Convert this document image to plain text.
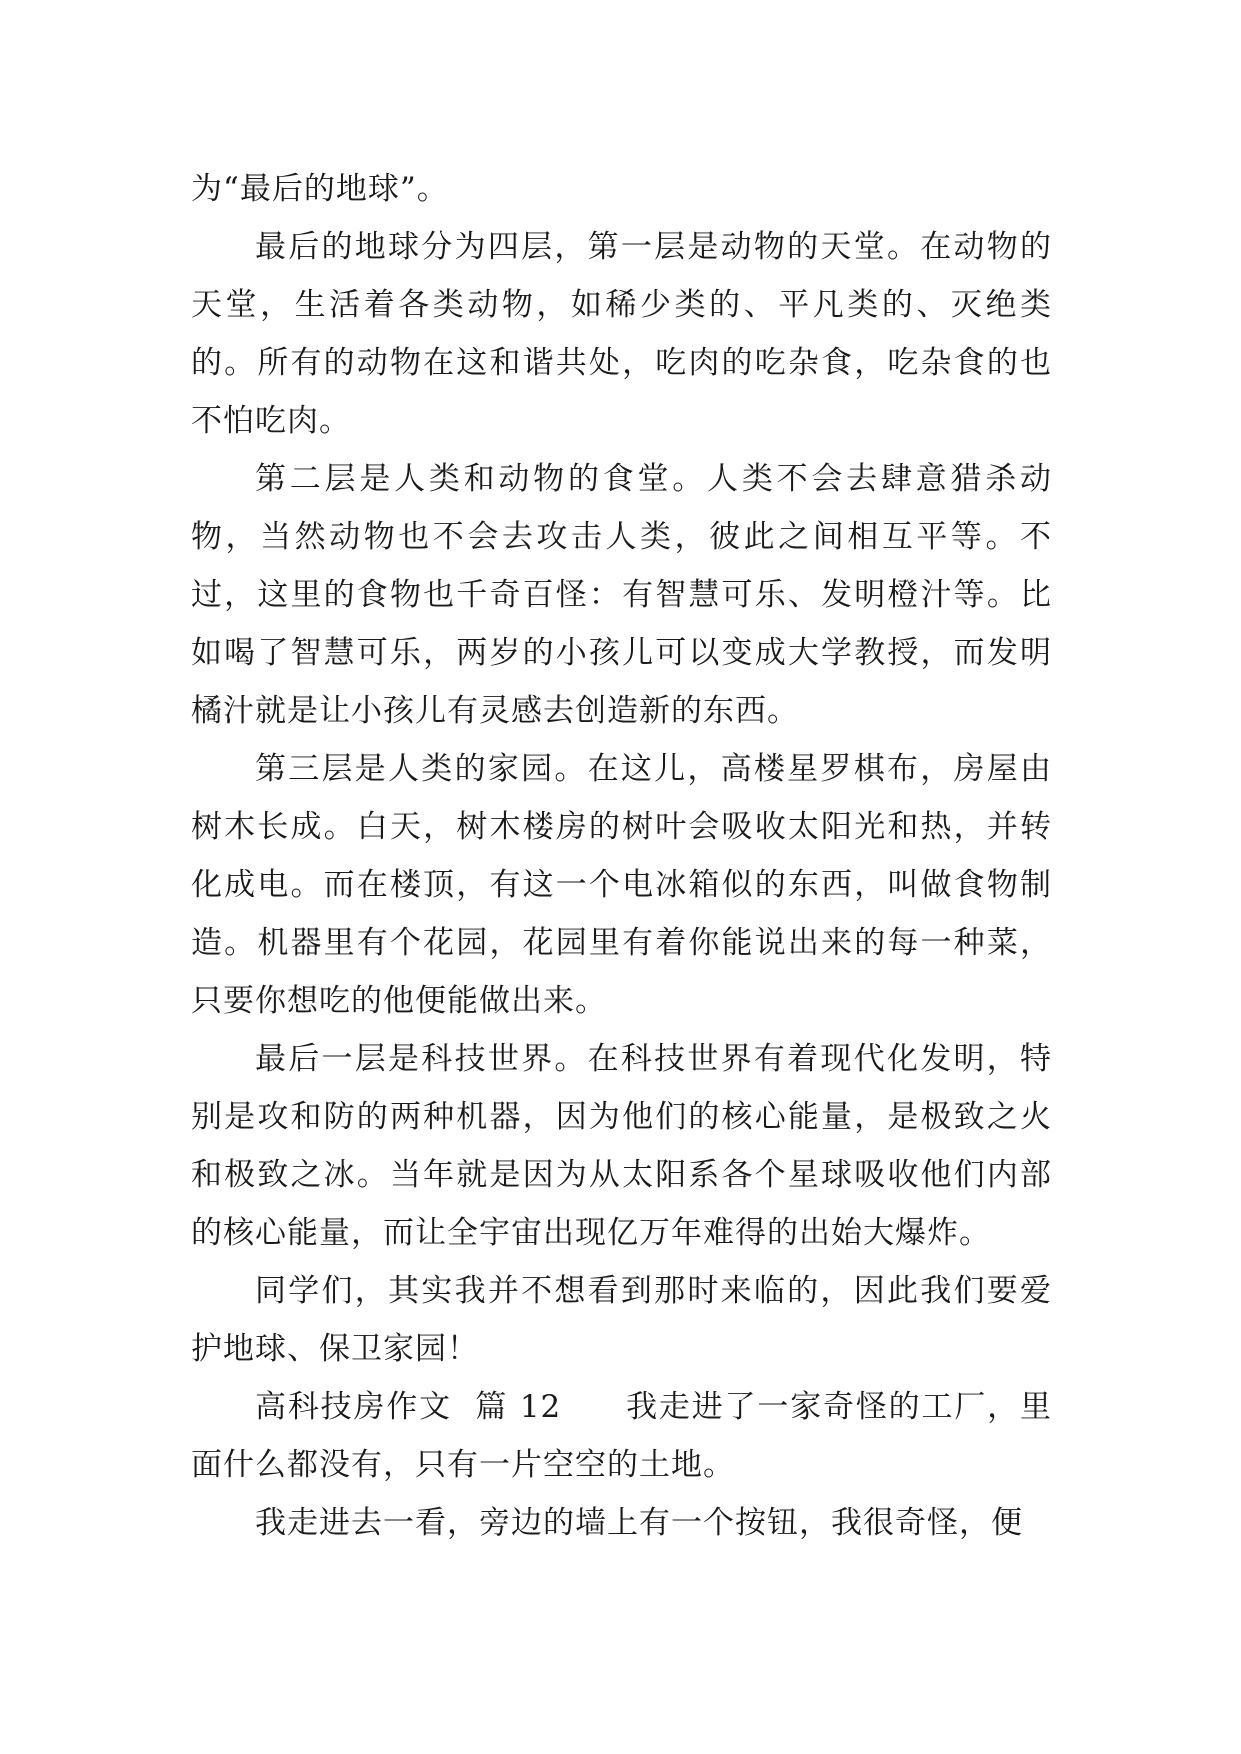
为“最后的地球”。

最后的地球分为四层，第一层是动物的天堂。在动物的天堂，生活着各类动物，如稀少类的、平凡类的、灭绝类的。所有的动物在这和谐共处，吃肉的吃杂食，吃杂食的也不怕吃肉。

第二层是人类和动物的食堂。人类不会去肆意猎杀动物，当然动物也不会去攻击人类，彼此之间相互平等。不过，这里的食物也千奇百怪：有智慧可乐、发明橙汁等。比如喝了智慧可乐，两岁的小孩儿可以变成大学教授，而发明橘汁就是让小孩儿有灵感去创造新的东西。

第三层是人类的家园。在这儿，高楼星罗棋布，房屋由树木长成。白天，树木楼房的树叶会吸收太阳光和热，并转化成电。而在楼顶，有这一个电冰箱似的东西，叫做食物制造。机器里有个花园，花园里有着你能说出来的每一种菜，只要你想吃的他便能做出来。

最后一层是科技世界。在科技世界有着现代化发明，特别是攻和防的两种机器，因为他们的核心能量，是极致之火和极致之冰。当年就是因为从太阳系各个星球吸收他们内部的核心能量，而让全宇宙出现亿万年难得的出始大爆炸。

同学们，其实我并不想看到那时来临的，因此我们要爱护地球、保卫家园！

高科技房作文 篇 12 我走进了一家奇怪的工厂，里面什么都没有，只有一片空空的土地。

我走进去一看，旁边的墙上有一个按钮，我很奇怪，便
